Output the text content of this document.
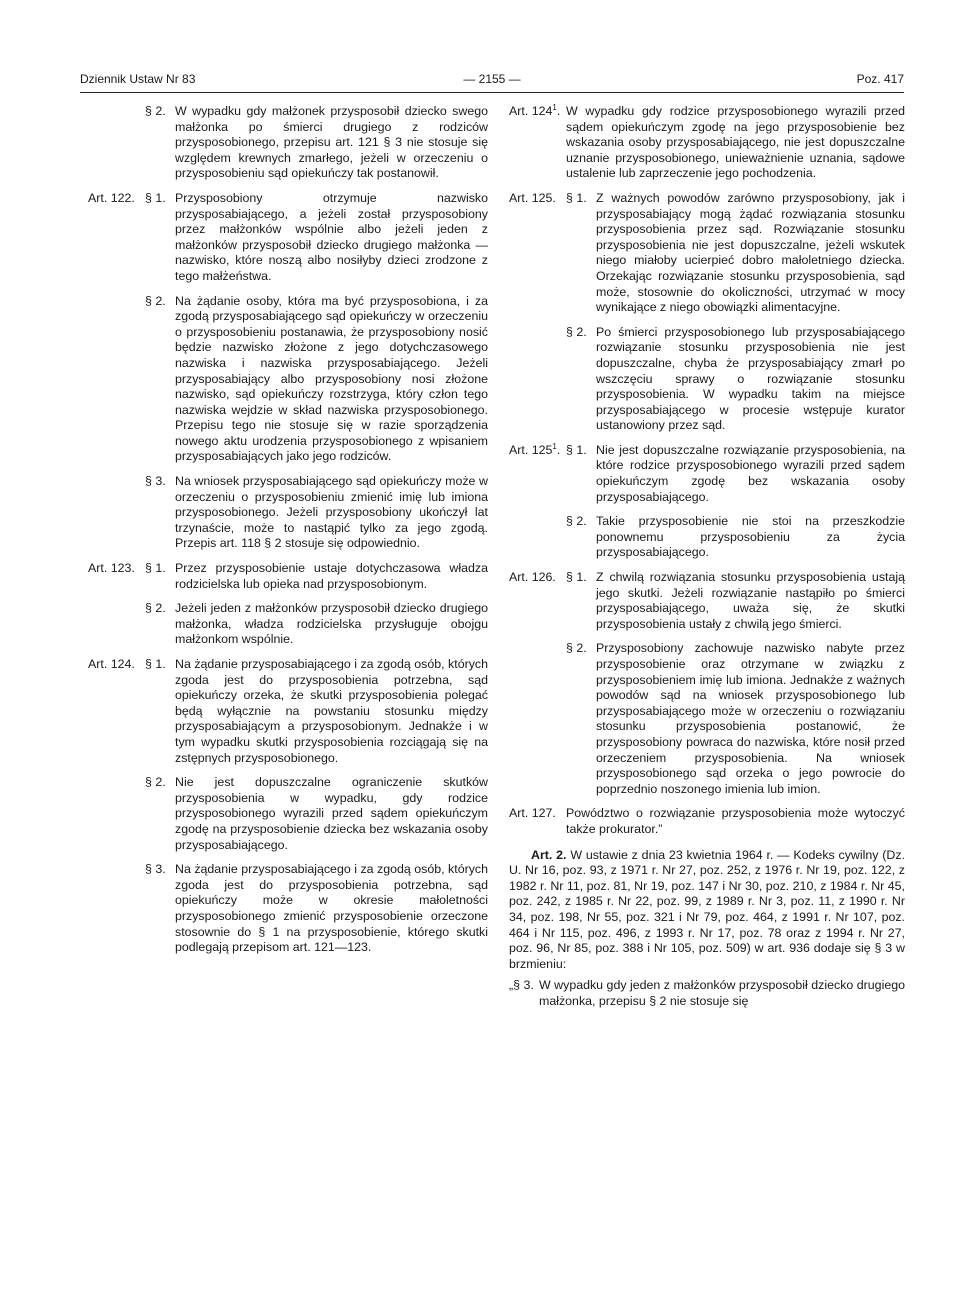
Dziennik Ustaw Nr 83	— 2155 —	Poz. 417
§ 2. W wypadku gdy małżonek przysposobił dziecko swego małżonka po śmierci drugiego z rodziców przysposobionego, przepisu art. 121 § 3 nie stosuje się względem krewnych zmarłego, jeżeli w orzeczeniu o przysposobieniu sąd opiekuńczy tak postanowił.
Art. 122. § 1. Przysposobiony otrzymuje nazwisko przysposabiającego, a jeżeli został przysposobiony przez małżonków wspólnie albo jeżeli jeden z małżonków przysposobił dziecko drugiego małżonka — nazwisko, które noszą albo nosiłyby dzieci zrodzone z tego małżeństwa.
§ 2. Na żądanie osoby, która ma być przysposobiona, i za zgodą przysposabiającego sąd opiekuńczy w orzeczeniu o przysposobieniu postanawia, że przysposobiony nosić będzie nazwisko złożone z jego dotychczasowego nazwiska i nazwiska przysposabiającego. Jeżeli przysposabiający albo przysposobiony nosi złożone nazwisko, sąd opiekuńczy rozstrzyga, który człon tego nazwiska wejdzie w skład nazwiska przysposobionego. Przepisu tego nie stosuje się w razie sporządzenia nowego aktu urodzenia przysposobionego z wpisaniem przysposabiających jako jego rodziców.
§ 3. Na wniosek przysposabiającego sąd opiekuńczy może w orzeczeniu o przysposobieniu zmienić imię lub imiona przysposobionego. Jeżeli przysposobiony ukończył lat trzynaście, może to nastąpić tylko za jego zgodą. Przepis art. 118 § 2 stosuje się odpowiednio.
Art. 123. § 1. Przez przysposobienie ustaje dotychczasowa władza rodzicielska lub opieka nad przysposobionym.
§ 2. Jeżeli jeden z małżonków przysposobił dziecko drugiego małżonka, władza rodzicielska przysługuje obojgu małżonkom wspólnie.
Art. 124. § 1. Na żądanie przysposabiającego i za zgodą osób, których zgoda jest do przysposobienia potrzebna, sąd opiekuńczy orzeka, że skutki przysposobienia polegać będą wyłącznie na powstaniu stosunku między przysposabiającym a przysposobionym. Jednakże i w tym wypadku skutki przysposobienia rozciągają się na zstępnych przysposobionego.
§ 2. Nie jest dopuszczalne ograniczenie skutków przysposobienia w wypadku, gdy rodzice przysposobionego wyrazili przed sądem opiekuńczym zgodę na przysposobienie dziecka bez wskazania osoby przysposabiającego.
§ 3. Na żądanie przysposabiającego i za zgodą osób, których zgoda jest do przysposobienia potrzebna, sąd opiekuńczy może w okresie małoletności przysposobionego zmienić przysposobienie orzeczone stosownie do § 1 na przysposobienie, którego skutki podlegają przepisom art. 121—123.
Art. $124^1$. W wypadku gdy rodzice przysposobionego wyrazili przed sądem opiekuńczym zgodę na jego przysposobienie bez wskazania osoby przysposabiającego, nie jest dopuszczalne uznanie przysposobionego, unieważnienie uznania, sądowe ustalenie lub zaprzeczenie jego pochodzenia.
Art. 125. § 1. Z ważnych powodów zarówno przysposobiony, jak i przysposabiający mogą żądać rozwiązania stosunku przysposobienia przez sąd. Rozwiązanie stosunku przysposobienia nie jest dopuszczalne, jeżeli wskutek niego miałoby ucierpieć dobro małoletniego dziecka. Orzekając rozwiązanie stosunku przysposobienia, sąd może, stosownie do okoliczności, utrzymać w mocy wynikające z niego obowiązki alimentacyjne.
§ 2. Po śmierci przysposobionego lub przysposabiającego rozwiązanie stosunku przysposobienia nie jest dopuszczalne, chyba że przysposabiający zmarł po wszczęciu sprawy o rozwiązanie stosunku przysposobienia. W wypadku takim na miejsce przysposabiającego w procesie wstępuje kurator ustanowiony przez sąd.
Art. $125^1$. § 1. Nie jest dopuszczalne rozwiązanie przysposobienia, na które rodzice przysposobionego wyrazili przed sądem opiekuńczym zgodę bez wskazania osoby przysposabiającego.
§ 2. Takie przysposobienie nie stoi na przeszkodzie ponownemu przysposobieniu za życia przysposabiającego.
Art. 126. § 1. Z chwilą rozwiązania stosunku przysposobienia ustają jego skutki. Jeżeli rozwiązanie nastąpiło po śmierci przysposabiającego, uważa się, że skutki przysposobienia ustały z chwilą jego śmierci.
§ 2. Przysposobiony zachowuje nazwisko nabyte przez przysposobienie oraz otrzymane w związku z przysposobieniem imię lub imiona. Jednakże z ważnych powodów sąd na wniosek przysposobionego lub przysposabiającego może w orzeczeniu o rozwiązaniu stosunku przysposobienia postanowić, że przysposobiony powraca do nazwiska, które nosił przed orzeczeniem przysposobienia. Na wniosek przysposobionego sąd orzeka o jego powrocie do poprzednio noszonego imienia lub imion.
Art. 127. Powództwo o rozwiązanie przysposobienia może wytoczyć także prokurator.”
Art. 2. W ustawie z dnia 23 kwietnia 1964 r. — Kodeks cywilny (Dz. U. Nr 16, poz. 93, z 1971 r. Nr 27, poz. 252, z 1976 r. Nr 19, poz. 122, z 1982 r. Nr 11, poz. 81, Nr 19, poz. 147 i Nr 30, poz. 210, z 1984 r. Nr 45, poz. 242, z 1985 r. Nr 22, poz. 99, z 1989 r. Nr 3, poz. 11, z 1990 r. Nr 34, poz. 198, Nr 55, poz. 321 i Nr 79, poz. 464, z 1991 r. Nr 107, poz. 464 i Nr 115, poz. 496, z 1993 r. Nr 17, poz. 78 oraz z 1994 r. Nr 27, poz. 96, Nr 85, poz. 388 i Nr 105, poz. 509) w art. 936 dodaje się § 3 w brzmieniu:
„§ 3. W wypadku gdy jeden z małżonków przysposobił dziecko drugiego małżonka, przepisu § 2 nie stosuje się
